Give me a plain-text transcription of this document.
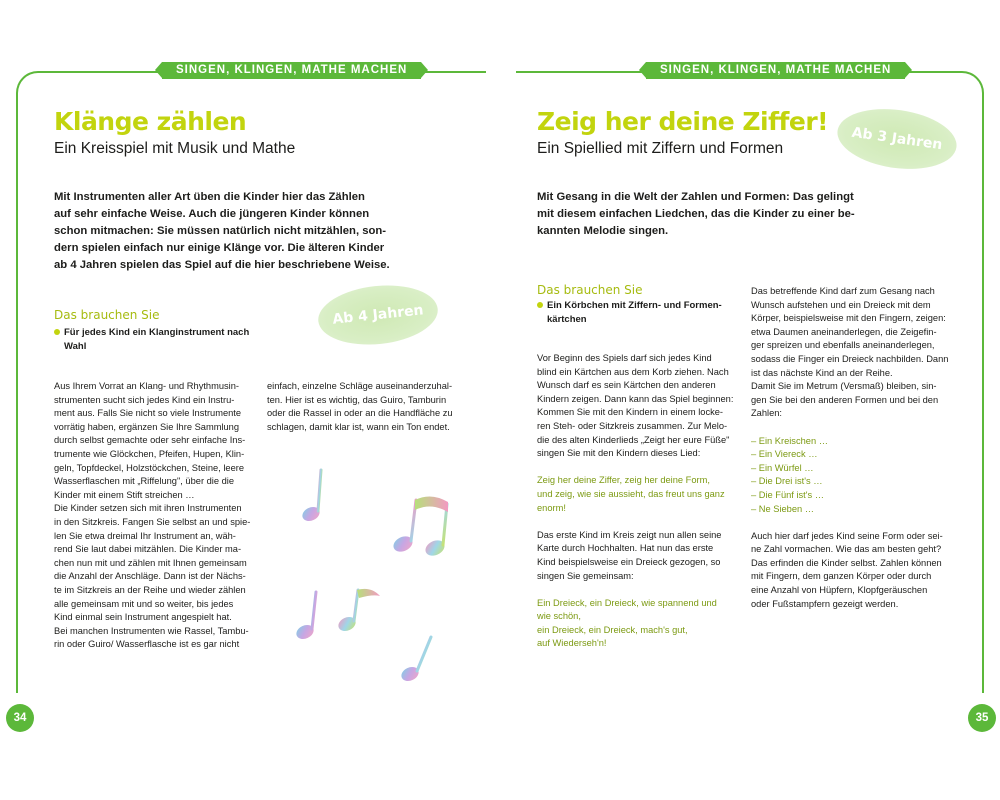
SINGEN, KLINGEN, MATHE MACHEN
Klänge zählen
Ein Kreisspiel mit Musik und Mathe
Mit Instrumenten aller Art üben die Kinder hier das Zählen
auf sehr einfache Weise. Auch die jüngeren Kinder können
schon mitmachen: Sie müssen natürlich nicht mitzählen, son-
dern spielen einfach nur einige Klänge vor. Die älteren Kinder
ab 4 Jahren spielen das Spiel auf die hier beschriebene Weise.
Ab 4 Jahren
Das brauchen Sie
Für jedes Kind ein Klanginstrument nach
Wahl

Aus Ihrem Vorrat an Klang- und Rhythmusin-

strumenten sucht sich jedes Kind ein Instru-

ment aus. Falls Sie nicht so viele Instrumente

vorrätig haben, ergänzen Sie Ihre Sammlung

durch selbst gemachte oder sehr einfache Ins-

trumente wie Glöckchen, Pfeifen, Hupen, Klin-

geln, Topfdeckel, Holzstöckchen, Steine, leere

Wasserflaschen mit „Riffelung", über die die

Kinder mit einem Stift streichen …

Die Kinder setzen sich mit ihren Instrumenten

in den Sitzkreis. Fangen Sie selbst an und spie-

len Sie etwa dreimal Ihr Instrument an, wäh-

rend Sie laut dabei mitzählen. Die Kinder ma-

chen nun mit und zählen mit Ihnen gemeinsam

die Anzahl der Anschläge. Dann ist der Nächs-

te im Sitzkreis an der Reihe und wieder zählen

alle gemeinsam mit und so weiter, bis jedes

Kind einmal sein Instrument angespielt hat.

Bei manchen Instrumenten wie Rassel, Tambu-

rin oder Guiro/ Wasserflasche ist es gar nicht

einfach, einzelne Schläge auseinanderzuhal-

ten. Hier ist es wichtig, das Guiro, Tamburin

oder die Rassel in oder an die Handfläche zu

schlagen, damit klar ist, wann ein Ton endet.

34
SINGEN, KLINGEN, MATHE MACHEN
Zeig her deine Ziffer!
Ein Spiellied mit Ziffern und Formen	Ab 3 Jahren
Mit Gesang in die Welt der Zahlen und Formen: Das gelingt
mit diesem einfachen Liedchen, das die Kinder zu einer be-
kannten Melodie singen.
Das brauchen Sie
Ein Körbchen mit Ziffern- und Formen-
kärtchen

Vor Beginn des Spiels darf sich jedes Kind

blind ein Kärtchen aus dem Korb ziehen. Nach

Wunsch darf es sein Kärtchen den anderen

Kindern zeigen. Dann kann das Spiel beginnen:

Kommen Sie mit den Kindern in einem locke-

ren Steh- oder Sitzkreis zusammen. Zur Melo-

die des alten Kinderlieds „Zeigt her eure Füße"

singen Sie mit den Kindern dieses Lied:

Zeig her deine Ziffer, zeig her deine Form,

und zeig, wie sie aussieht, das freut uns ganz

enorm!

Das erste Kind im Kreis zeigt nun allen seine

Karte durch Hochhalten. Hat nun das erste

Kind beispielsweise ein Dreieck gezogen, so

singen Sie gemeinsam:

Ein Dreieck, ein Dreieck, wie spannend und

wie schön,

ein Dreieck, ein Dreieck, mach's gut,

auf Wiederseh'n!

Das betreffende Kind darf zum Gesang nach

Wunsch aufstehen und ein Dreieck mit dem

Körper, beispielsweise mit den Fingern, zeigen:

etwa Daumen aneinanderlegen, die Zeigefin-

ger spreizen und ebenfalls aneinanderlegen,

sodass die Finger ein Dreieck nachbilden. Dann

ist das nächste Kind an der Reihe.

Damit Sie im Metrum (Versmaß) bleiben, sin-

gen Sie bei den anderen Formen und bei den

Zahlen:

– Ein Kreischen …

– Ein Viereck …

– Ein Würfel …

– Die Drei ist's …

– Die Fünf ist's …

– Ne Sieben …

Auch hier darf jedes Kind seine Form oder sei-

ne Zahl vormachen. Wie das am besten geht?

Das erfinden die Kinder selbst. Zahlen können

mit Fingern, dem ganzen Körper oder durch

eine Anzahl von Hüpfern, Klopfgeräuschen

oder Fußstampfern gezeigt werden.

35
